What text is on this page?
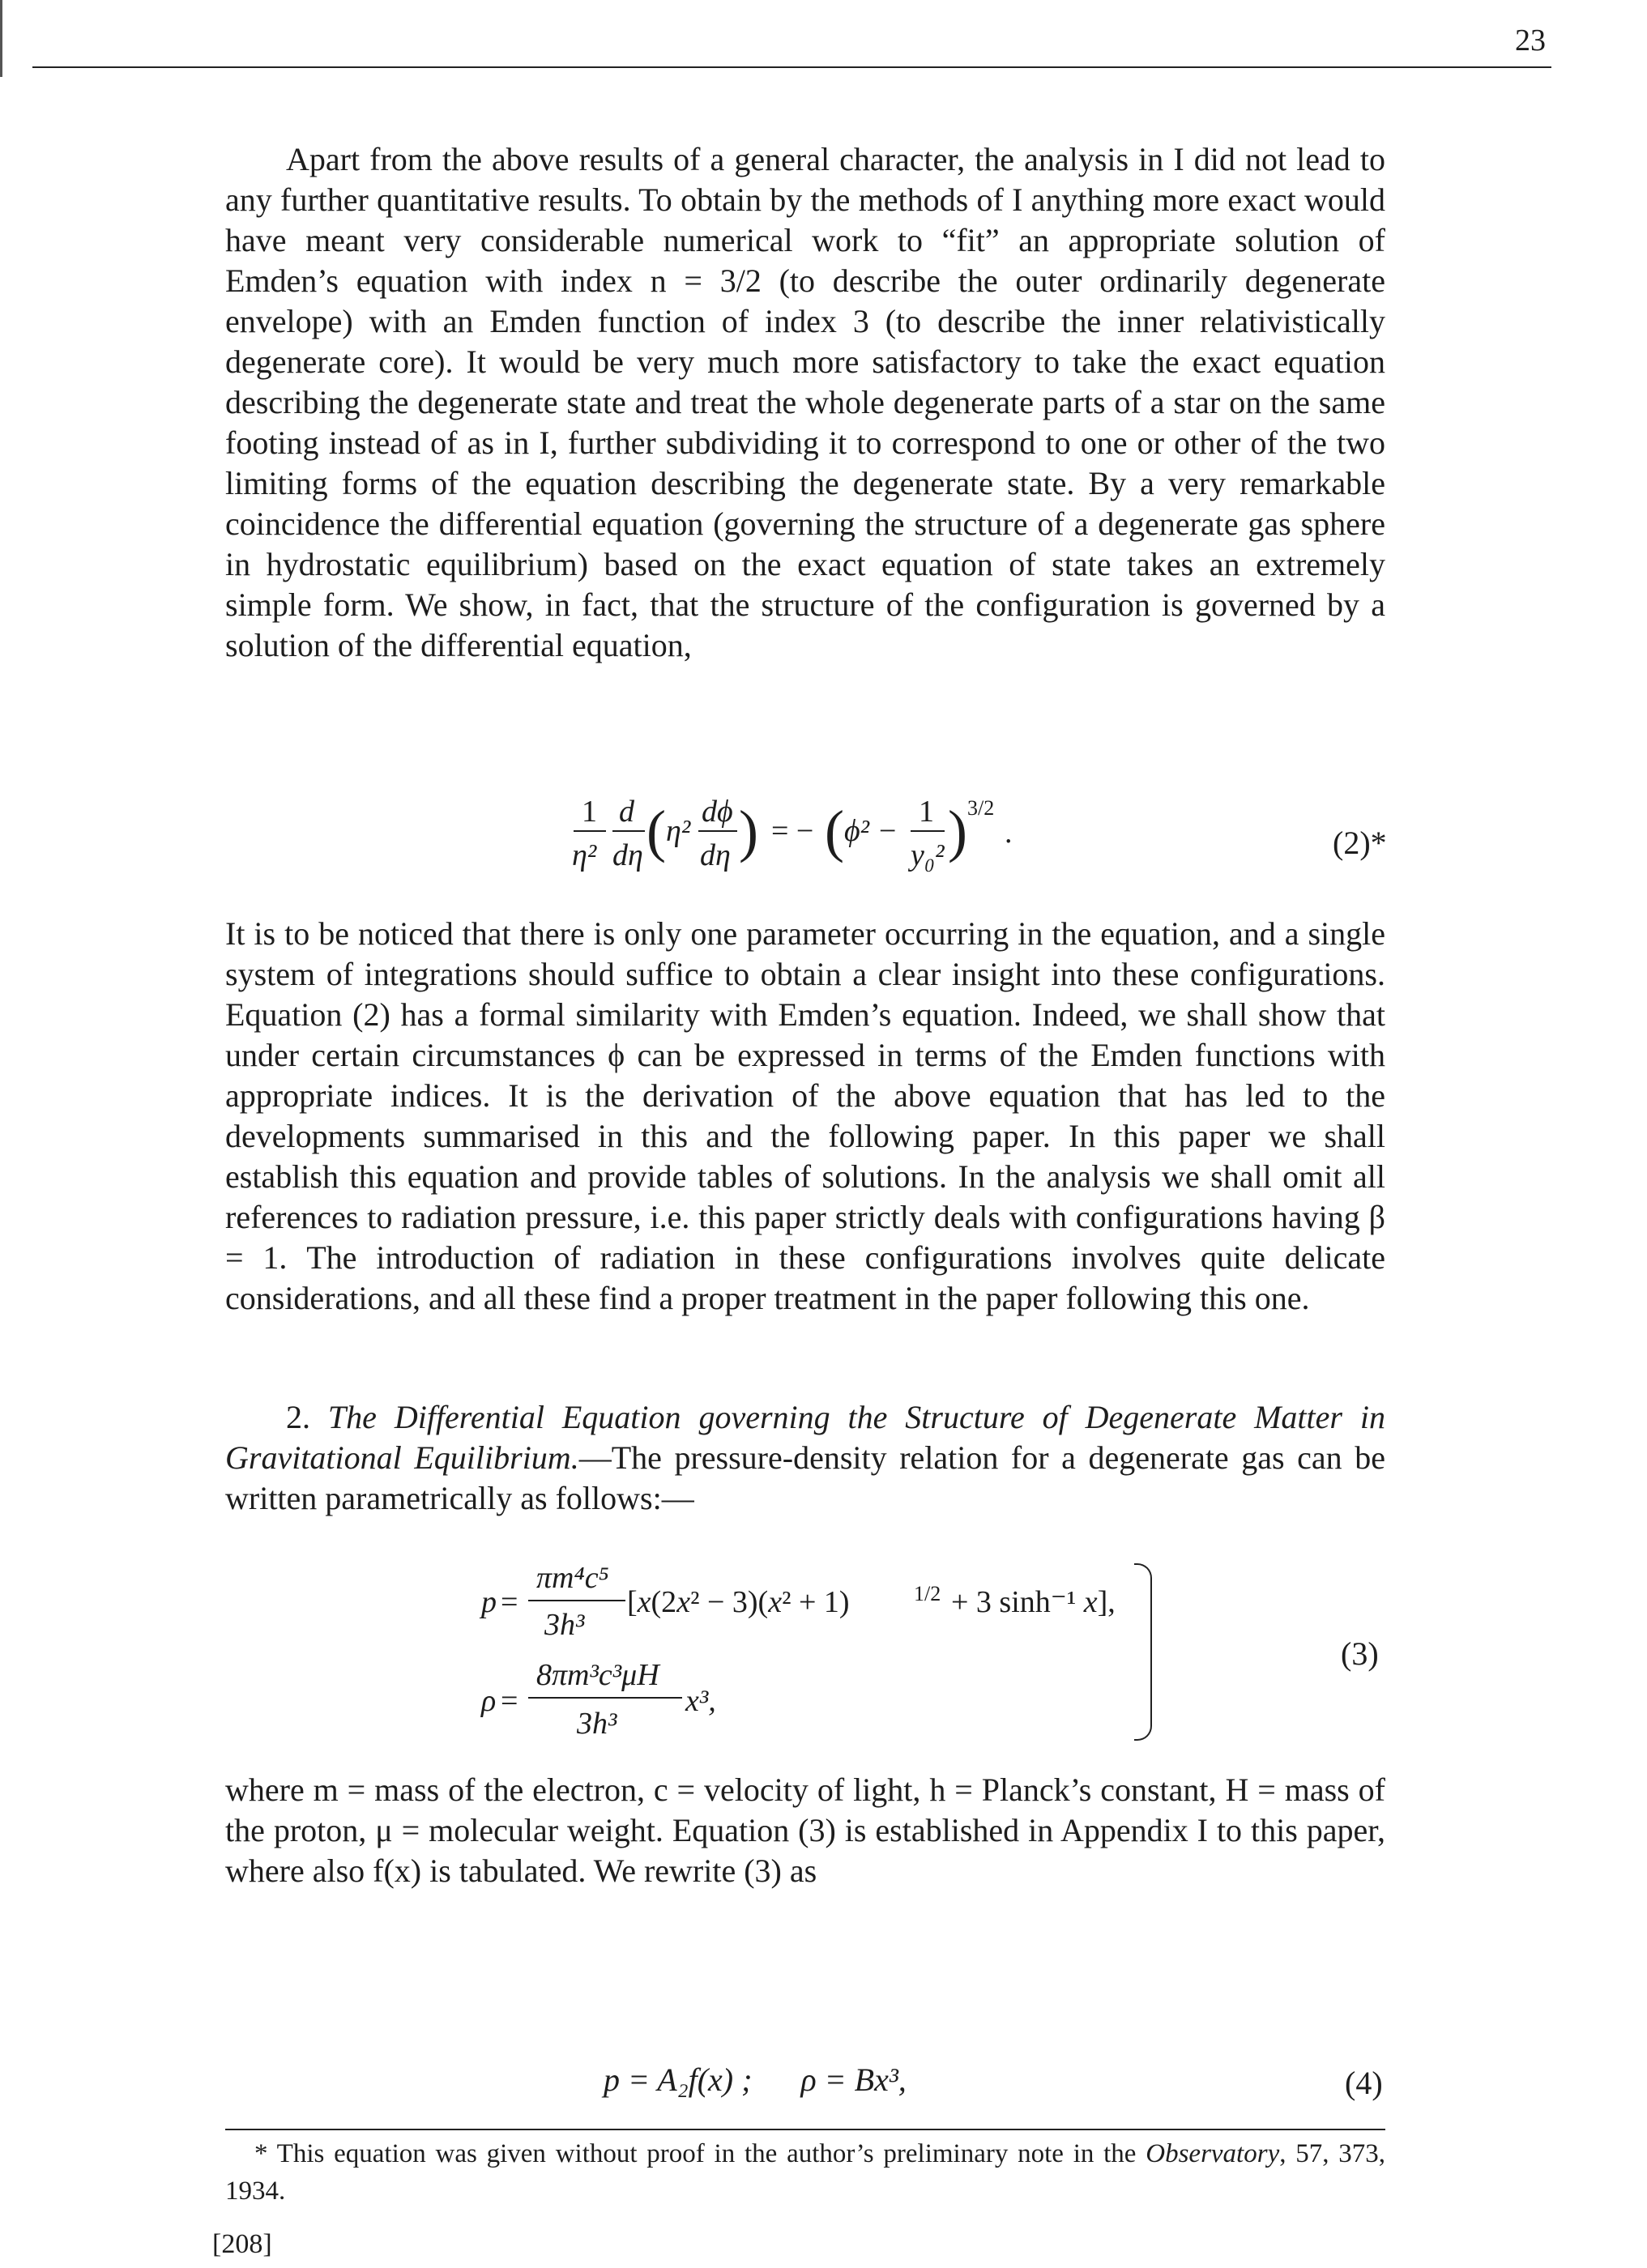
23

Apart from the above results of a general character, the analysis in I did not lead to any further quantitative results. To obtain by the methods of I anything more exact would have meant very considerable numerical work to “fit” an appropriate solution of Emden’s equation with index n = 3/2 (to describe the outer ordinarily degenerate envelope) with an Emden function of index 3 (to describe the inner relativistically degenerate core). It would be very much more satisfactory to take the exact equation describing the degenerate state and treat the whole degenerate parts of a star on the same footing instead of as in I, further subdividing it to correspond to one or other of the two limiting forms of the equation describing the degenerate state. By a very remarkable coincidence the differential equation (governing the structure of a degenerate gas sphere in hydrostatic equilibrium) based on the exact equation of state takes an extremely simple form. We show, in fact, that the structure of the configuration is governed by a solution of the differential equation,

1
η²
d
dη ( η²
dϕ
dη ) = − ( ϕ² −
1
y₀² ) 3/2
.	(2)*

It is to be noticed that there is only one parameter occurring in the equation, and a single system of integrations should suffice to obtain a clear insight into these configurations. Equation (2) has a formal similarity with Emden’s equation. Indeed, we shall show that under certain circumstances ϕ can be expressed in terms of the Emden functions with appropriate indices. It is the derivation of the above equation that has led to the developments summarised in this and the following paper. In this paper we shall establish this equation and provide tables of solutions. In the analysis we shall omit all references to radiation pressure, i.e. this paper strictly deals with configurations having β = 1. The introduction of radiation in these configurations involves quite delicate considerations, and all these find a proper treatment in the paper following this one.

2. The Differential Equation governing the Structure of Degenerate Matter in Gravitational Equilibrium.—The pressure-density relation for a degenerate gas can be written parametrically as follows:—

p =
πm⁴c⁵
3h³
[x(2x² − 3)(x² + 1)	1/2 + 3 sinh⁻¹ x],
ρ =
8πm³c³μH
3h³
x³,
(3)

where m = mass of the electron, c = velocity of light, h = Planck’s constant, H = mass of the proton, μ = molecular weight. Equation (3) is established in Appendix I to this paper, where also f(x) is tabulated. We rewrite (3) as

p = A₂f(x) ;      ρ = Bx³,	(4)
* This equation was given without proof in the author’s preliminary note in the Observatory, 57, 373, 1934.
[208]
